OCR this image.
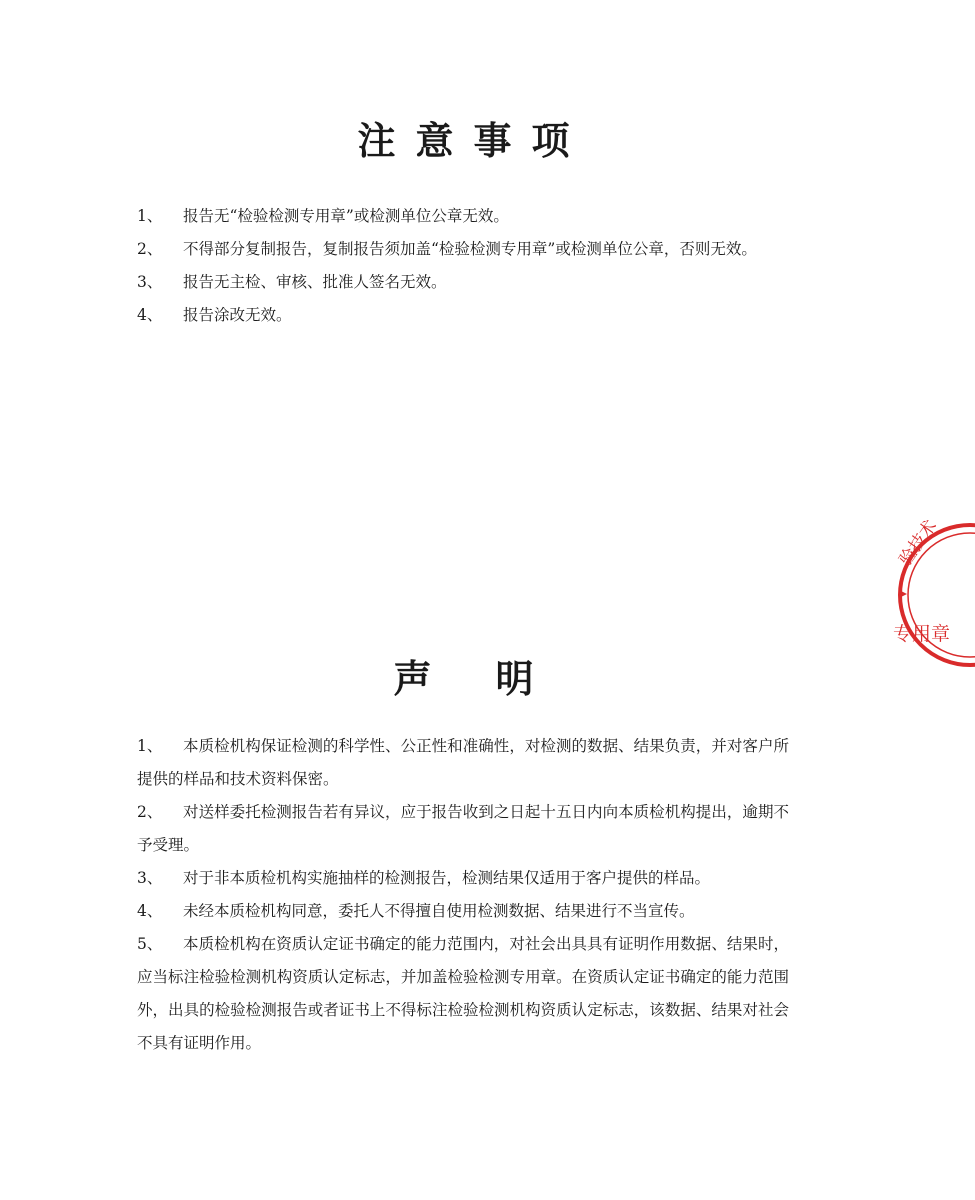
注意事项
1、 报告无“检验检测专用章”或检测单位公章无效。
2、 不得部分复制报告，复制报告须加盖“检验检测专用章”或检测单位公章，否则无效。
3、 报告无主检、审核、批准人签名无效。
4、 报告涂改无效。
验技术
专用章
声明
1、 本质检机构保证检测的科学性、公正性和准确性，对检测的数据、结果负责，并对客户所提供的样品和技术资料保密。
2、 对送样委托检测报告若有异议，应于报告收到之日起十五日内向本质检机构提出，逾期不予受理。
3、 对于非本质检机构实施抽样的检测报告，检测结果仅适用于客户提供的样品。
4、 未经本质检机构同意，委托人不得擅自使用检测数据、结果进行不当宣传。
5、 本质检机构在资质认定证书确定的能力范围内，对社会出具具有证明作用数据、结果时，应当标注检验检测机构资质认定标志，并加盖检验检测专用章。在资质认定证书确定的能力范围外，出具的检验检测报告或者证书上不得标注检验检测机构资质认定标志，该数据、结果对社会不具有证明作用。
